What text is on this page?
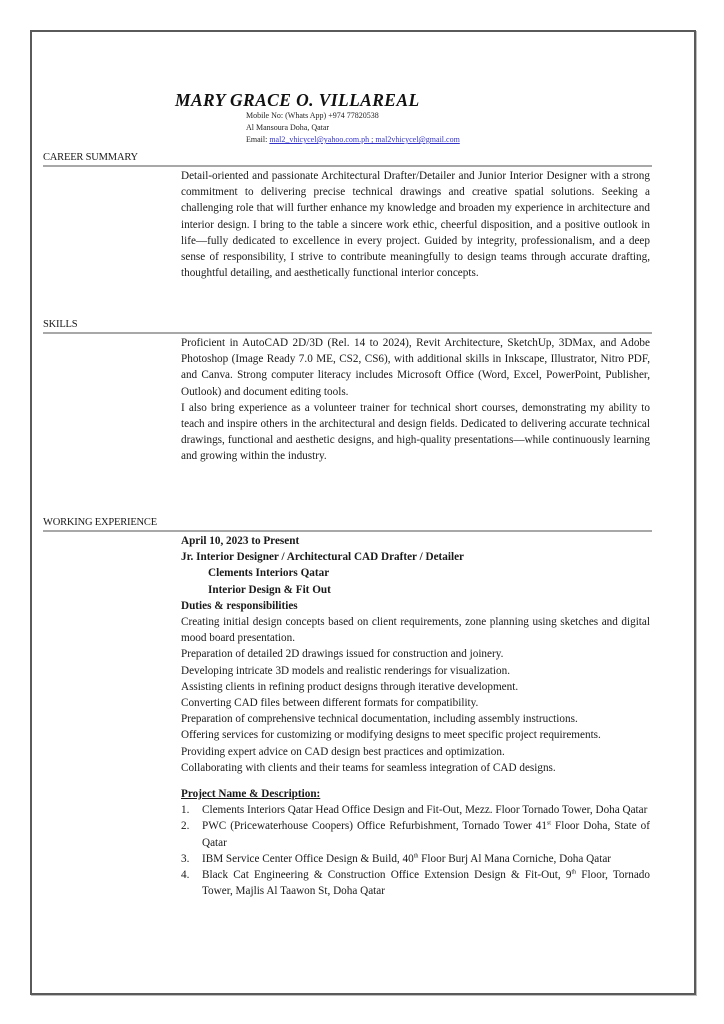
MARY GRACE O. VILLAREAL
Mobile No: (Whats App) +974 77820538
Al Mansoura Doha, Qatar
Email: mal2_vhicycel@yahoo.com.ph ; mal2vhicycel@gmail.com
CAREER SUMMARY

Detail-oriented and passionate Architectural Drafter/Detailer and Junior Interior Designer with a strong commitment to delivering precise technical drawings and creative spatial solutions. Seeking a challenging role that will further enhance my knowledge and broaden my experience in architecture and interior design. I bring to the table a sincere work ethic, cheerful disposition, and a positive outlook in life—fully dedicated to excellence in every project. Guided by integrity, professionalism, and a deep sense of responsibility, I strive to contribute meaningfully to design teams through accurate drafting, thoughtful detailing, and aesthetically functional interior concepts.

SKILLS

Proficient in AutoCAD 2D/3D (Rel. 14 to 2024), Revit Architecture, SketchUp, 3DMax, and Adobe Photoshop (Image Ready 7.0 ME, CS2, CS6), with additional skills in Inkscape, Illustrator, Nitro PDF, and Canva. Strong computer literacy includes Microsoft Office (Word, Excel, PowerPoint, Publisher, Outlook) and document editing tools.

I also bring experience as a volunteer trainer for technical short courses, demonstrating my ability to teach and inspire others in the architectural and design fields. Dedicated to delivering accurate technical drawings, functional and aesthetic designs, and high-quality presentations—while continuously learning and growing within the industry.

WORKING EXPERIENCE

April 10, 2023 to Present

Jr. Interior Designer / Architectural CAD Drafter / Detailer

Clements Interiors Qatar

Interior Design & Fit Out

Duties & responsibilities

Creating initial design concepts based on client requirements, zone planning using sketches and digital mood board presentation.

Preparation of detailed 2D drawings issued for construction and joinery.

Developing intricate 3D models and realistic renderings for visualization.

Assisting clients in refining product designs through iterative development.

Converting CAD files between different formats for compatibility.

Preparation of comprehensive technical documentation, including assembly instructions.

Offering services for customizing or modifying designs to meet specific project requirements.

Providing expert advice on CAD design best practices and optimization.

Collaborating with clients and their teams for seamless integration of CAD designs.

Project Name & Description:

1. Clements Interiors Qatar Head Office Design and Fit-Out, Mezz. Floor Tornado Tower, Doha Qatar
2. PWC (Pricewaterhouse Coopers) Office Refurbishment, Tornado Tower 41st Floor Doha, State of Qatar
3. IBM Service Center Office Design & Build, 40th Floor Burj Al Mana Corniche, Doha Qatar
4. Black Cat Engineering & Construction Office Extension Design & Fit-Out, 9th Floor, Tornado Tower, Majlis Al Taawon St, Doha Qatar
